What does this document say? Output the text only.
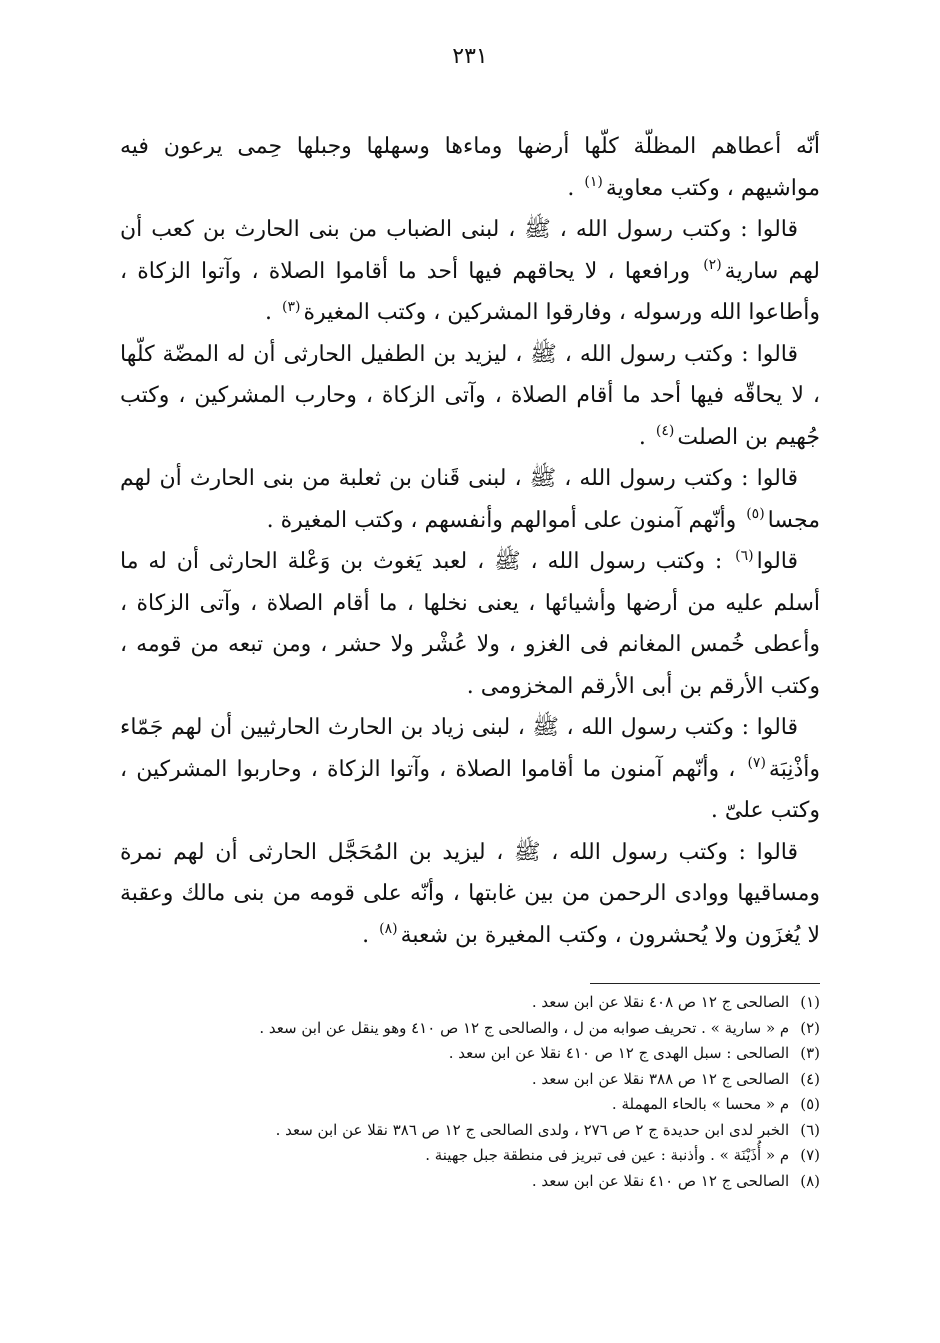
٢٣١

أنّه أعطاهم المظلّة كلّها أرضها وماءها وسهلها وجبلها حِمى يرعون فيه مواشيهم ، وكتب معاوية$^{(١)}$ .

قالوا : وكتب رسول الله ، ﷺ ، لبنى الضباب من بنى الحارث بن كعب أن لهم سارية$^{(٢)}$ ورافعها ، لا يحاقهم فيها أحد ما أقاموا الصلاة ، وآتوا الزكاة ، وأطاعوا الله ورسوله ، وفارقوا المشركين ، وكتب المغيرة$^{(٣)}$ .

قالوا : وكتب رسول الله ، ﷺ ، ليزيد بن الطفيل الحارثى أن له المضّة كلّها ، لا يحاقّه فيها أحد ما أقام الصلاة ، وآتى الزكاة ، وحارب المشركين ، وكتب جُهيم بن الصلت$^{(٤)}$ .

قالوا : وكتب رسول الله ، ﷺ ، لبنى قَنان بن ثعلبة من بنى الحارث أن لهم مجسا$^{(٥)}$ وأنّهم آمنون على أموالهم وأنفسهم ، وكتب المغيرة .

قالوا$^{(٦)}$ : وكتب رسول الله ، ﷺ ، لعبد يَغوث بن وَعْلة الحارثى أن له ما أسلم عليه من أرضها وأشيائها ، يعنى نخلها ، ما أقام الصلاة ، وآتى الزكاة ، وأعطى خُمس المغانم فى الغزو ، ولا عُشْر ولا حشر ، ومن تبعه من قومه ، وكتب الأرقم بن أبى الأرقم المخزومى .

قالوا : وكتب رسول الله ، ﷺ ، لبنى زياد بن الحارث الحارثيين أن لهم جَمّاء وأذْنِبَة$^{(٧)}$ ، وأنّهم آمنون ما أقاموا الصلاة ، وآتوا الزكاة ، وحاربوا المشركين ، وكتب علىّ .

قالوا : وكتب رسول الله ، ﷺ ، ليزيد بن المُحَجَّل الحارثى أن لهم نمرة ومساقيها ووادى الرحمن من بين غابتها ، وأنّه على قومه من بنى مالك وعقبة لا يُغزَون ولا يُحشرون ، وكتب المغيرة بن شعبة$^{(٨)}$ .

(١) الصالحى ج ١٢ ص ٤٠٨ نقلا عن ابن سعد .
(٢) م « سارية » . تحريف صوابه من ل ، والصالحى ج ١٢ ص ٤١٠ وهو ينقل عن ابن سعد .
(٣) الصالحى : سبل الهدى ج ١٢ ص ٤١٠ نقلا عن ابن سعد .
(٤) الصالحى ج ١٢ ص ٣٨٨ نقلا عن ابن سعد .
(٥) م « محسا » بالحاء المهملة .
(٦) الخبر لدى ابن حديدة ج ٢ ص ٢٧٦ ، ولدى الصالحى ج ١٢ ص ٣٨٦ نقلا عن ابن سعد .
(٧) م « أُذَيْنَة » . وأذنبة : عين فى تبريز فى منطقة جبل جهينة .
(٨) الصالحى ج ١٢ ص ٤١٠ نقلا عن ابن سعد .
